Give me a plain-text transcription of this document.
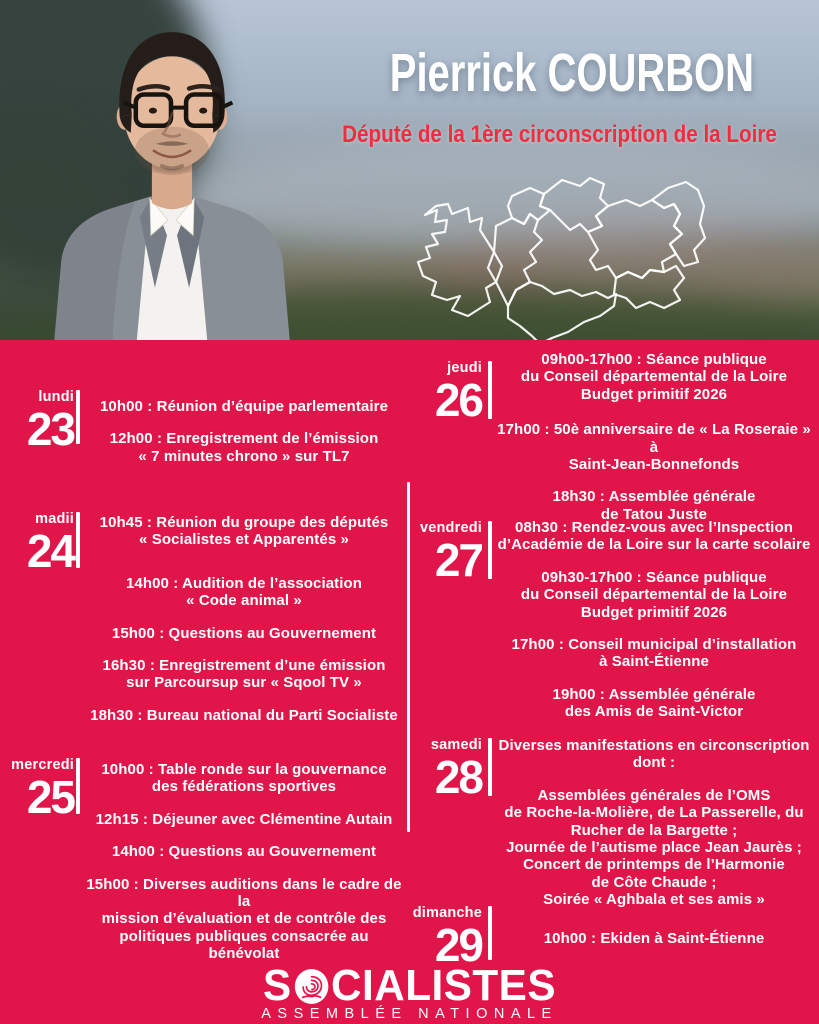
Pierrick COURBON
Député de la 1ère circonscription de la Loire
lundi
23	10h00 : Réunion d’équipe parlementaire

12h00 : Enregistrement de l’émission
« 7 minutes chrono » sur TL7

madii
24

10h45 : Réunion du groupe des députés
« Socialistes et Apparentés »

14h00 : Audition de l’association
« Code animal »

15h00 : Questions au Gouvernement

16h30 : Enregistrement d’une émission
sur Parcoursup sur « Sqool TV »

18h30 : Bureau national du Parti Socialiste

mercredi
25

10h00 : Table ronde sur la gouvernance
des fédérations sportives

12h15 : Déjeuner avec Clémentine Autain

14h00 : Questions au Gouvernement

15h00 : Diverses auditions dans le cadre de la
mission d’évaluation et de contrôle des
politiques publiques consacrée au bénévolat

jeudi
26

09h00-17h00 : Séance publique
du Conseil départemental de la Loire
Budget primitif 2026

17h00 : 50è anniversaire de « La Roseraie » à
Saint-Jean-Bonnefonds

18h30 : Assemblée générale
de Tatou Juste

vendredi
27

08h30 : Rendez-vous avec l’Inspection
d’Académie de la Loire sur la carte scolaire

09h30-17h00 : Séance publique
du Conseil départemental de la Loire
Budget primitif 2026

17h00 : Conseil municipal d’installation
à Saint-Étienne

19h00 : Assemblée générale
des Amis de Saint-Victor

samedi
28

Diverses manifestations en circonscription
dont :

Assemblées générales de l’OMS
de Roche-la-Molière, de La Passerelle, du
Rucher de la Bargette ;
Journée de l’autisme place Jean Jaurès ;
Concert de printemps de l’Harmonie
de Côte Chaude ;
Soirée « Aghbala et ses amis »

dimanche
29	10h00 : Ekiden à Saint-Étienne

S CIALISTES
ASSEMBLÉE NATIONALE
